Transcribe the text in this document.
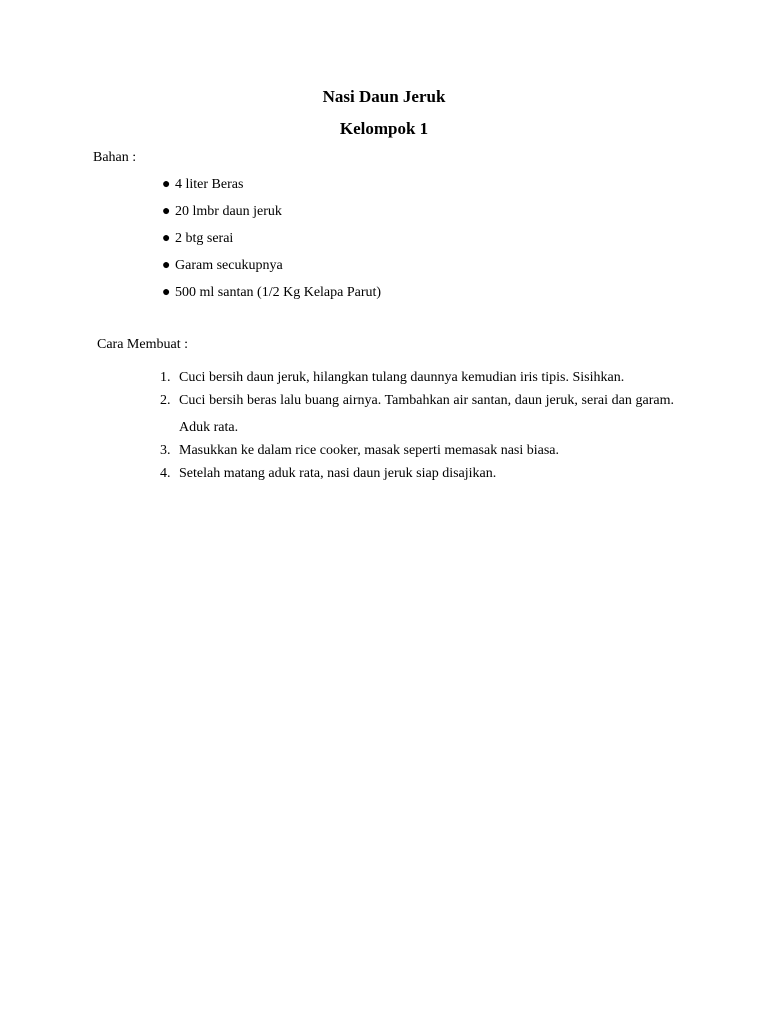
Nasi Daun Jeruk
Kelompok 1
Bahan :
● 4 liter Beras
● 20 lmbr daun jeruk
● 2 btg serai
● Garam secukupnya
● 500 ml santan (1/2 Kg Kelapa Parut)
Cara Membuat :
1. Cuci bersih daun jeruk, hilangkan tulang daunnya kemudian iris tipis. Sisihkan.
2. Cuci bersih beras lalu buang airnya. Tambahkan air santan, daun jeruk, serai dan garam. Aduk rata.
3. Masukkan ke dalam rice cooker, masak seperti memasak nasi biasa.
4. Setelah matang aduk rata, nasi daun jeruk siap disajikan.
